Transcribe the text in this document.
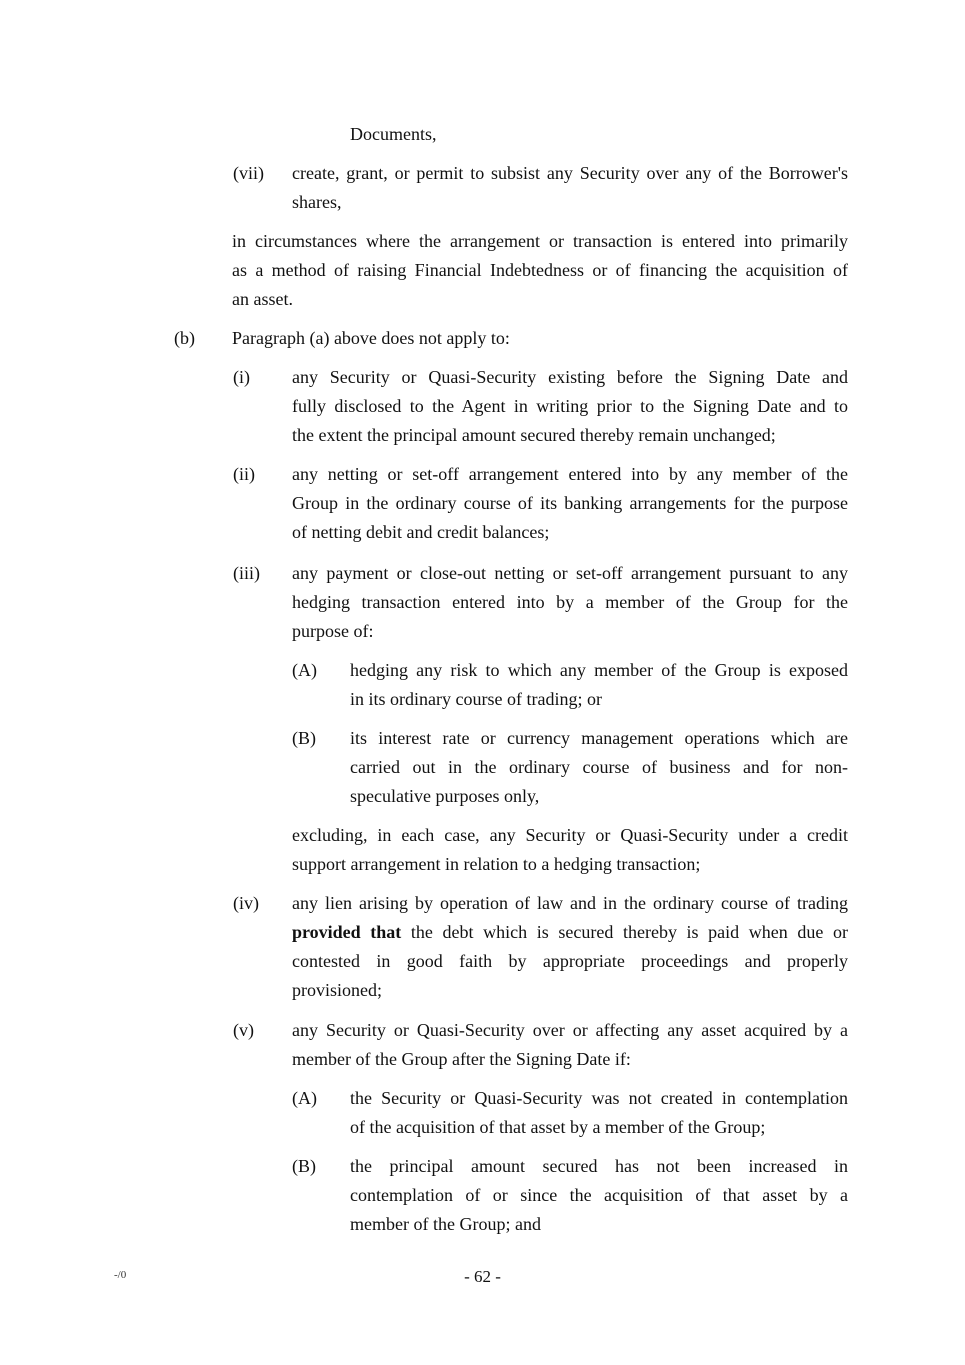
Documents,
(vii) create, grant, or permit to subsist any Security over any of the Borrower's
shares,
in circumstances where the arrangement or transaction is entered into primarily
as a method of raising Financial Indebtedness or of financing the acquisition of
an asset.
(b) Paragraph (a) above does not apply to:
(i) any Security or Quasi-Security existing before the Signing Date and
fully disclosed to the Agent in writing prior to the Signing Date and to
the extent the principal amount secured thereby remain unchanged;
(ii) any netting or set-off arrangement entered into by any member of the
Group in the ordinary course of its banking arrangements for the purpose
of netting debit and credit balances;
(iii) any payment or close-out netting or set-off arrangement pursuant to any
hedging transaction entered into by a member of the Group for the
purpose of:
(A) hedging any risk to which any member of the Group is exposed
in its ordinary course of trading; or
(B) its interest rate or currency management operations which are
carried out in the ordinary course of business and for non-
speculative purposes only,
excluding, in each case, any Security or Quasi-Security under a credit
support arrangement in relation to a hedging transaction;
(iv) any lien arising by operation of law and in the ordinary course of trading
provided that the debt which is secured thereby is paid when due or
contested in good faith by appropriate proceedings and properly
provisioned;
(v) any Security or Quasi-Security over or affecting any asset acquired by a
member of the Group after the Signing Date if:
(A) the Security or Quasi-Security was not created in contemplation
of the acquisition of that asset by a member of the Group;
(B) the principal amount secured has not been increased in
contemplation of or since the acquisition of that asset by a
member of the Group; and
-/0	- 62 -
